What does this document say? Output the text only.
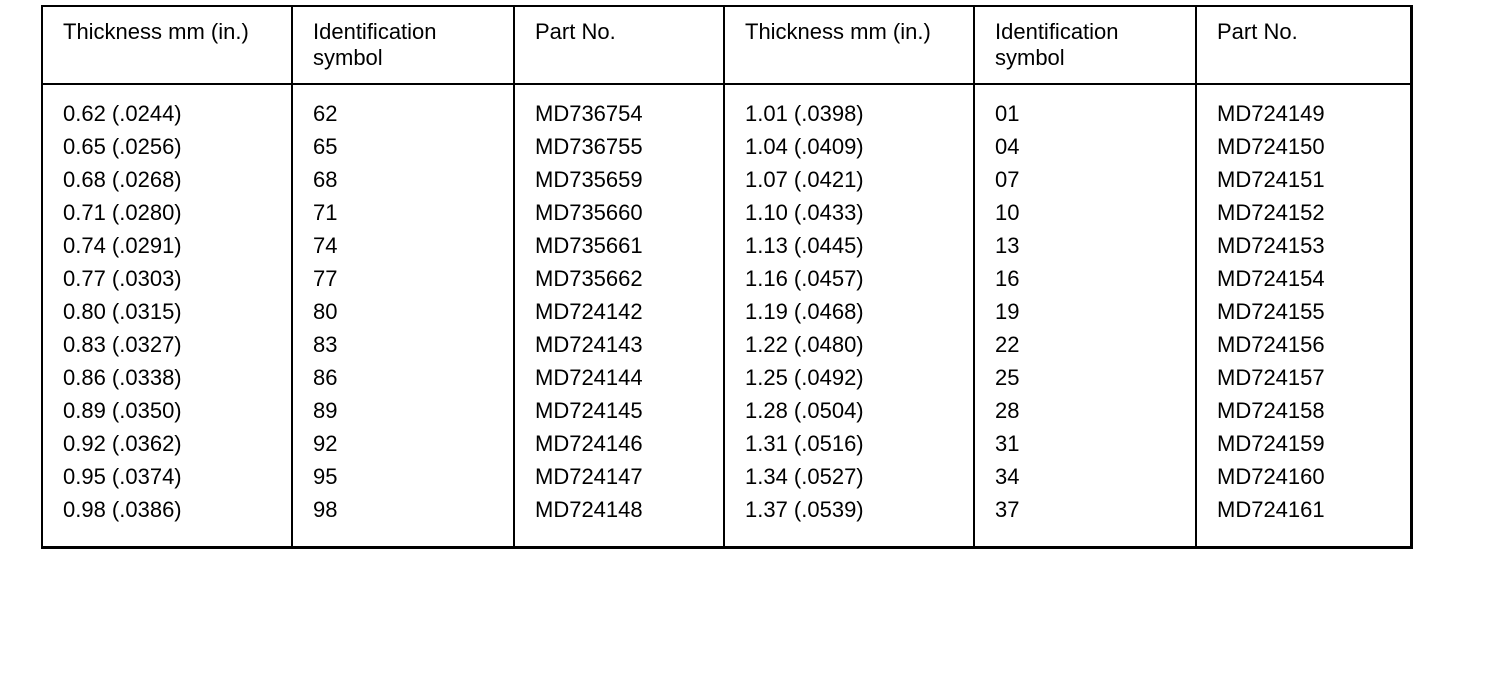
Thickness mm (in.)	Identification symbol	Part No.	Thickness mm (in.)	Identification symbol	Part No.
0.62 (.0244)	62	MD736754	1.01 (.0398)	01	MD724149
0.65 (.0256)	65	MD736755	1.04 (.0409)	04	MD724150
0.68 (.0268)	68	MD735659	1.07 (.0421)	07	MD724151
0.71 (.0280)	71	MD735660	1.10 (.0433)	10	MD724152
0.74 (.0291)	74	MD735661	1.13 (.0445)	13	MD724153
0.77 (.0303)	77	MD735662	1.16 (.0457)	16	MD724154
0.80 (.0315)	80	MD724142	1.19 (.0468)	19	MD724155
0.83 (.0327)	83	MD724143	1.22 (.0480)	22	MD724156
0.86 (.0338)	86	MD724144	1.25 (.0492)	25	MD724157
0.89 (.0350)	89	MD724145	1.28 (.0504)	28	MD724158
0.92 (.0362)	92	MD724146	1.31 (.0516)	31	MD724159
0.95 (.0374)	95	MD724147	1.34 (.0527)	34	MD724160
0.98 (.0386)	98	MD724148	1.37 (.0539)	37	MD724161
